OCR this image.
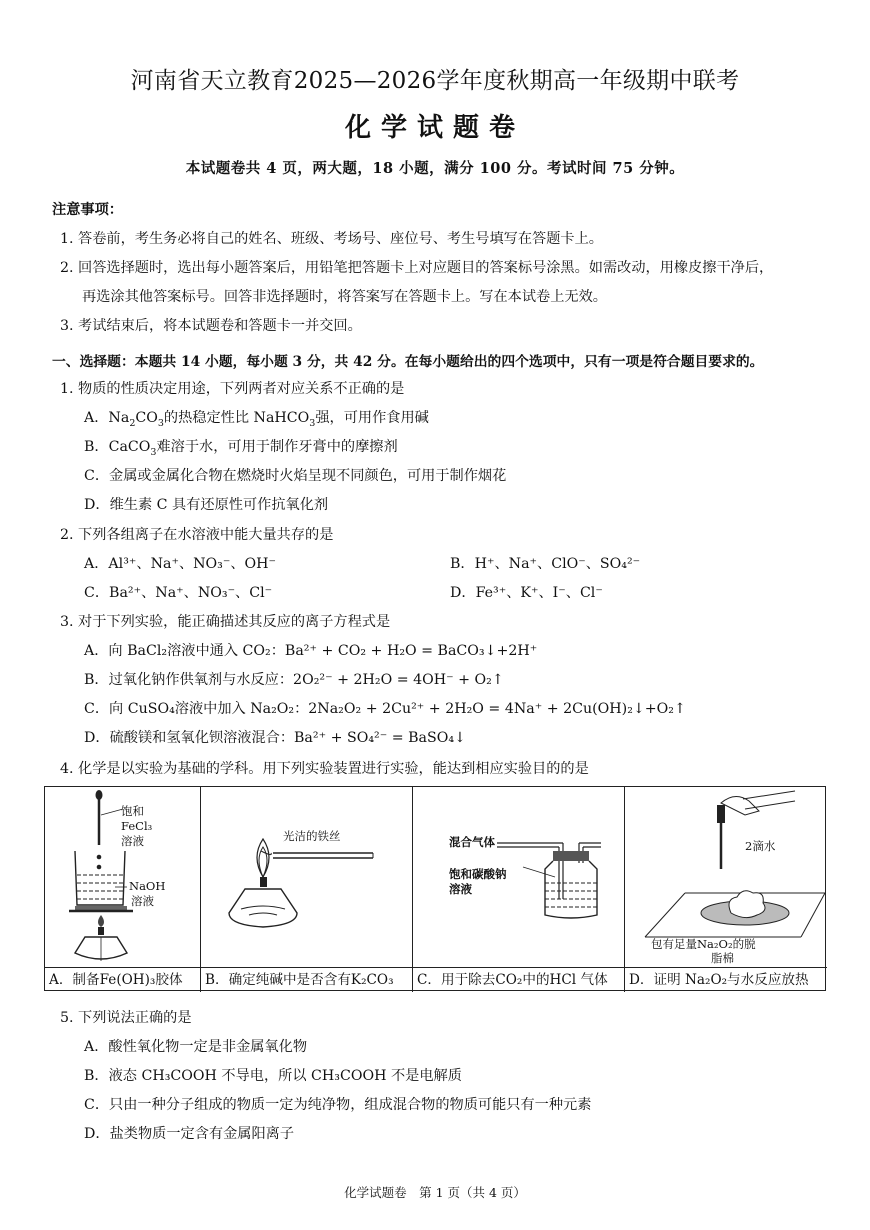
河南省天立教育2025—2026学年度秋期高一年级期中联考
化学试题卷
本试题卷共 4 页，两大题，18 小题，满分 100 分。考试时间 75 分钟。
注意事项：
1. 答卷前，考生务必将自己的姓名、班级、考场号、座位号、考生号填写在答题卡上。
2. 回答选择题时，选出每小题答案后，用铅笔把答题卡上对应题目的答案标号涂黑。如需改动，用橡皮擦干净后，
再选涂其他答案标号。回答非选择题时，将答案写在答题卡上。写在本试卷上无效。
3. 考试结束后，将本试题卷和答题卡一并交回。
一、选择题：本题共 14 小题，每小题 3 分，共 42 分。在每小题给出的四个选项中，只有一项是符合题目要求的。
1. 物质的性质决定用途，下列两者对应关系不正确的是
A．$Na_2CO_3$的热稳定性比 NaHCO$_3$强，可用作食用碱
B．CaCO$_3$难溶于水，可用于制作牙膏中的摩擦剂
C．金属或金属化合物在燃烧时火焰呈现不同颜色，可用于制作烟花
D．维生素 C 具有还原性可作抗氧化剂
2. 下列各组离子在水溶液中能大量共存的是
A．Al³⁺、Na⁺、NO₃⁻、OH⁻	B．H⁺、Na⁺、ClO⁻、SO₄²⁻
C．Ba²⁺、Na⁺、NO₃⁻、Cl⁻	D．Fe³⁺、K⁺、I⁻、Cl⁻
3. 对于下列实验，能正确描述其反应的离子方程式是
A．向 BaCl₂溶液中通入 CO₂：Ba²⁺ + CO₂ + H₂O = BaCO₃↓+2H⁺
B．过氧化钠作供氧剂与水反应：2O₂²⁻ + 2H₂O = 4OH⁻ + O₂↑
C．向 CuSO₄溶液中加入 Na₂O₂：2Na₂O₂ + 2Cu²⁺ + 2H₂O = 4Na⁺ + 2Cu(OH)₂↓+O₂↑
D．硫酸镁和氢氧化钡溶液混合：Ba²⁺ + SO₄²⁻ = BaSO₄↓
4. 化学是以实验为基础的学科。用下列实验装置进行实验，能达到相应实验目的的是
饱和
FeCl₃
溶液
NaOH
溶液
A．制备Fe(OH)₃胶体
光洁的铁丝
B．确定纯碱中是否含有K₂CO₃
混合气体
饱和碳酸钠
溶液
C．用于除去CO₂中的HCl 气体
2滴水
包有足量Na₂O₂的脱
脂棉
D．证明 Na₂O₂与水反应放热
5. 下列说法正确的是
A．酸性氧化物一定是非金属氧化物
B．液态 CH₃COOH 不导电，所以 CH₃COOH 不是电解质
C．只由一种分子组成的物质一定为纯净物，组成混合物的物质可能只有一种元素
D．盐类物质一定含有金属阳离子
化学试题卷　第 1 页（共 4 页）
